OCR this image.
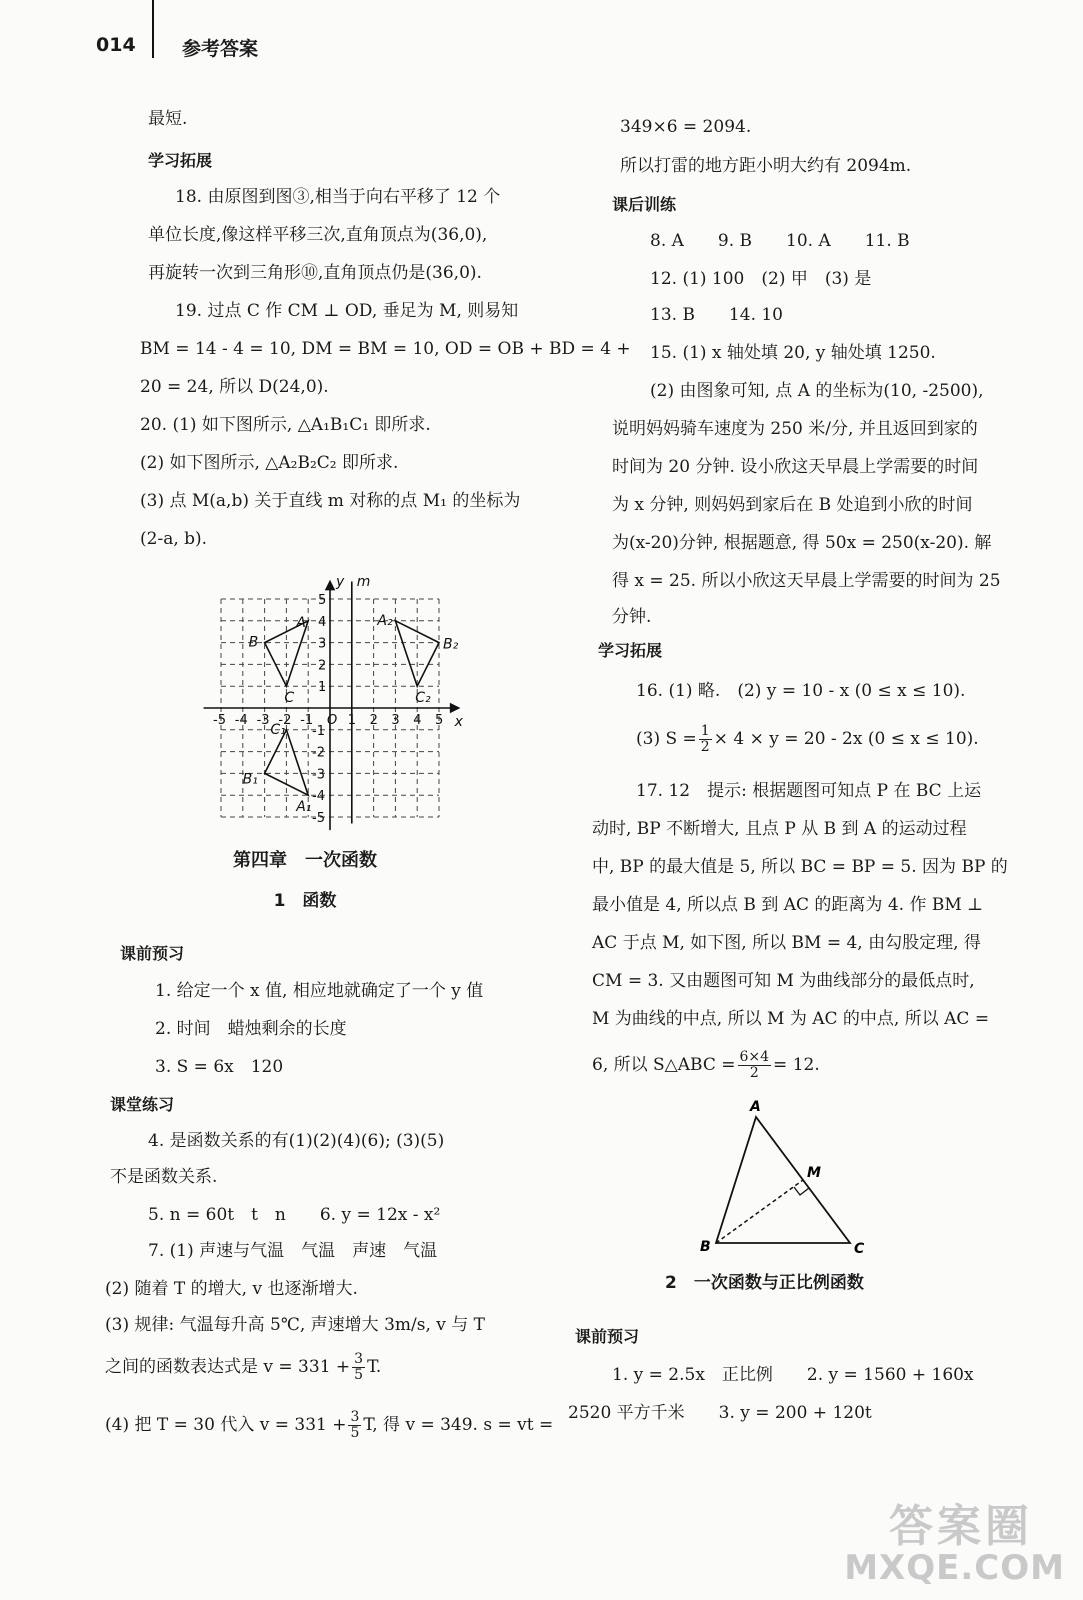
014 参考答案
最短.
学习拓展
18. 由原图到图③,相当于向右平移了 12 个
单位长度,像这样平移三次,直角顶点为(36,0),
再旋转一次到三角形⑩,直角顶点仍是(36,0).
19. 过点 C 作 CM ⊥ OD, 垂足为 M, 则易知
BM = 14 - 4 = 10, DM = BM = 10, OD = OB + BD = 4 +
20 = 24, 所以 D(24,0).
20. (1) 如下图所示, △A₁B₁C₁ 即所求.
(2) 如下图所示, △A₂B₂C₂ 即所求.
(3) 点 M(a,b) 关于直线 m 对称的点 M₁ 的坐标为
(2-a, b).
-5 -4 -3 -2 -1	1 2 3 4 5
5
4
3
2
1
-1
-2
-3
-4
-5
x
y m
O
A
B
C
A₁
B₁
C₁
A₂
B₂
C₂
第四章　一次函数
1　函数
课前预习
1. 给定一个 x 值, 相应地就确定了一个 y 值
2. 时间　蜡烛剩余的长度
3. S = 6x　120
课堂练习
4. 是函数关系的有(1)(2)(4)(6); (3)(5)
不是函数关系.
5. n = 60t　t　n　　6. y = 12x - x²
7. (1) 声速与气温　气温　声速　气温
(2) 随着 T 的增大, v 也逐渐增大.
(3) 规律: 气温每升高 5℃, 声速增大 3m/s, v 与 T
之间的函数表达式是 $v = 331 + \frac{3}{5} T$.
(4) 把 T = 30 代入 $v = 331 + \frac{3}{5} T$, 得 v = 349. s = vt =
349×6 = 2094.
所以打雷的地方距小明大约有 2094m.
课后训练
8. A　　9. B　　10. A　　11. B
12. (1) 100　(2) 甲　(3) 是
13. B　　14. 10
15. (1) x 轴处填 20, y 轴处填 1250.
(2) 由图象可知, 点 A 的坐标为(10, -2500),
说明妈妈骑车速度为 250 米/分, 并且返回到家的
时间为 20 分钟. 设小欣这天早晨上学需要的时间
为 x 分钟, 则妈妈到家后在 B 处追到小欣的时间
为(x-20)分钟, 根据题意, 得 50x = 250(x-20). 解
得 x = 25. 所以小欣这天早晨上学需要的时间为 25
分钟.
学习拓展
16. (1) 略.　(2) y = 10 - x (0 ≤ x ≤ 10).
(3) $S = \frac{1}{2} \times 4 \times y = 20 - 2x$ (0 ≤ x ≤ 10).
17. 12　提示: 根据题图可知点 P 在 BC 上运
动时, BP 不断增大, 且点 P 从 B 到 A 的运动过程
中, BP 的最大值是 5, 所以 BC = BP = 5. 因为 BP 的
最小值是 4, 所以点 B 到 AC 的距离为 4. 作 BM ⊥
AC 于点 M, 如下图, 所以 BM = 4, 由勾股定理, 得
CM = 3. 又由题图可知 M 为曲线部分的最低点时,
M 为曲线的中点, 所以 M 为 AC 的中点, 所以 AC =
6, 所以 S△ABC = $\frac{6\times 4}{2} = 12$.
A
B	C
M
2　一次函数与正比例函数
课前预习
1. y = 2.5x　正比例　　2. y = 1560 + 160x
2520 平方千米　　3. y = 200 + 120t
答案圈
MXQE.COM
